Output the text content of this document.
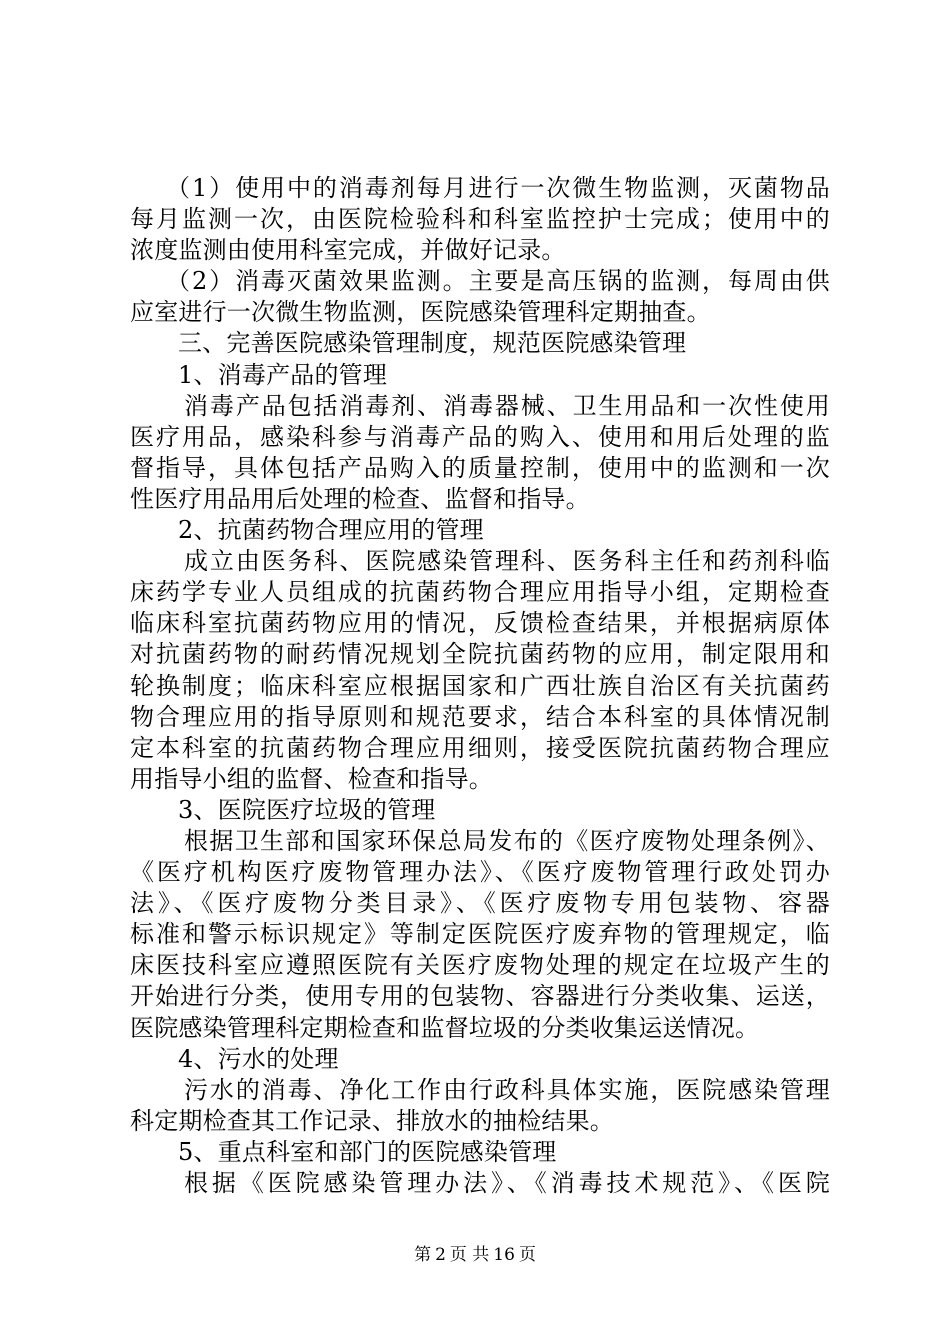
（1）使用中的消毒剂每月进行一次微生物监测，灭菌物品
每月监测一次，由医院检验科和科室监控护士完成；使用中的
浓度监测由使用科室完成，并做好记录。
（2）消毒灭菌效果监测。主要是高压锅的监测，每周由供
应室进行一次微生物监测，医院感染管理科定期抽查。
三、完善医院感染管理制度，规范医院感染管理
1、消毒产品的管理
消毒产品包括消毒剂、消毒器械、卫生用品和一次性使用
医疗用品，感染科参与消毒产品的购入、使用和用后处理的监
督指导，具体包括产品购入的质量控制，使用中的监测和一次
性医疗用品用后处理的检查、监督和指导。
2、抗菌药物合理应用的管理
成立由医务科、医院感染管理科、医务科主任和药剂科临
床药学专业人员组成的抗菌药物合理应用指导小组，定期检查
临床科室抗菌药物应用的情况，反馈检查结果，并根据病原体
对抗菌药物的耐药情况规划全院抗菌药物的应用，制定限用和
轮换制度；临床科室应根据国家和广西壮族自治区有关抗菌药
物合理应用的指导原则和规范要求，结合本科室的具体情况制
定本科室的抗菌药物合理应用细则，接受医院抗菌药物合理应
用指导小组的监督、检查和指导。
3、医院医疗垃圾的管理
根据卫生部和国家环保总局发布的《医疗废物处理条例》、
《医疗机构医疗废物管理办法》、《医疗废物管理行政处罚办
法》、《医疗废物分类目录》、《医疗废物专用包装物、容器
标准和警示标识规定》等制定医院医疗废弃物的管理规定，临
床医技科室应遵照医院有关医疗废物处理的规定在垃圾产生的
开始进行分类，使用专用的包装物、容器进行分类收集、运送，
医院感染管理科定期检查和监督垃圾的分类收集运送情况。
4、污水的处理
污水的消毒、净化工作由行政科具体实施，医院感染管理
科定期检查其工作记录、排放水的抽检结果。
5、重点科室和部门的医院感染管理
根据《医院感染管理办法》、《消毒技术规范》、《医院
第 2 页 共 16 页
